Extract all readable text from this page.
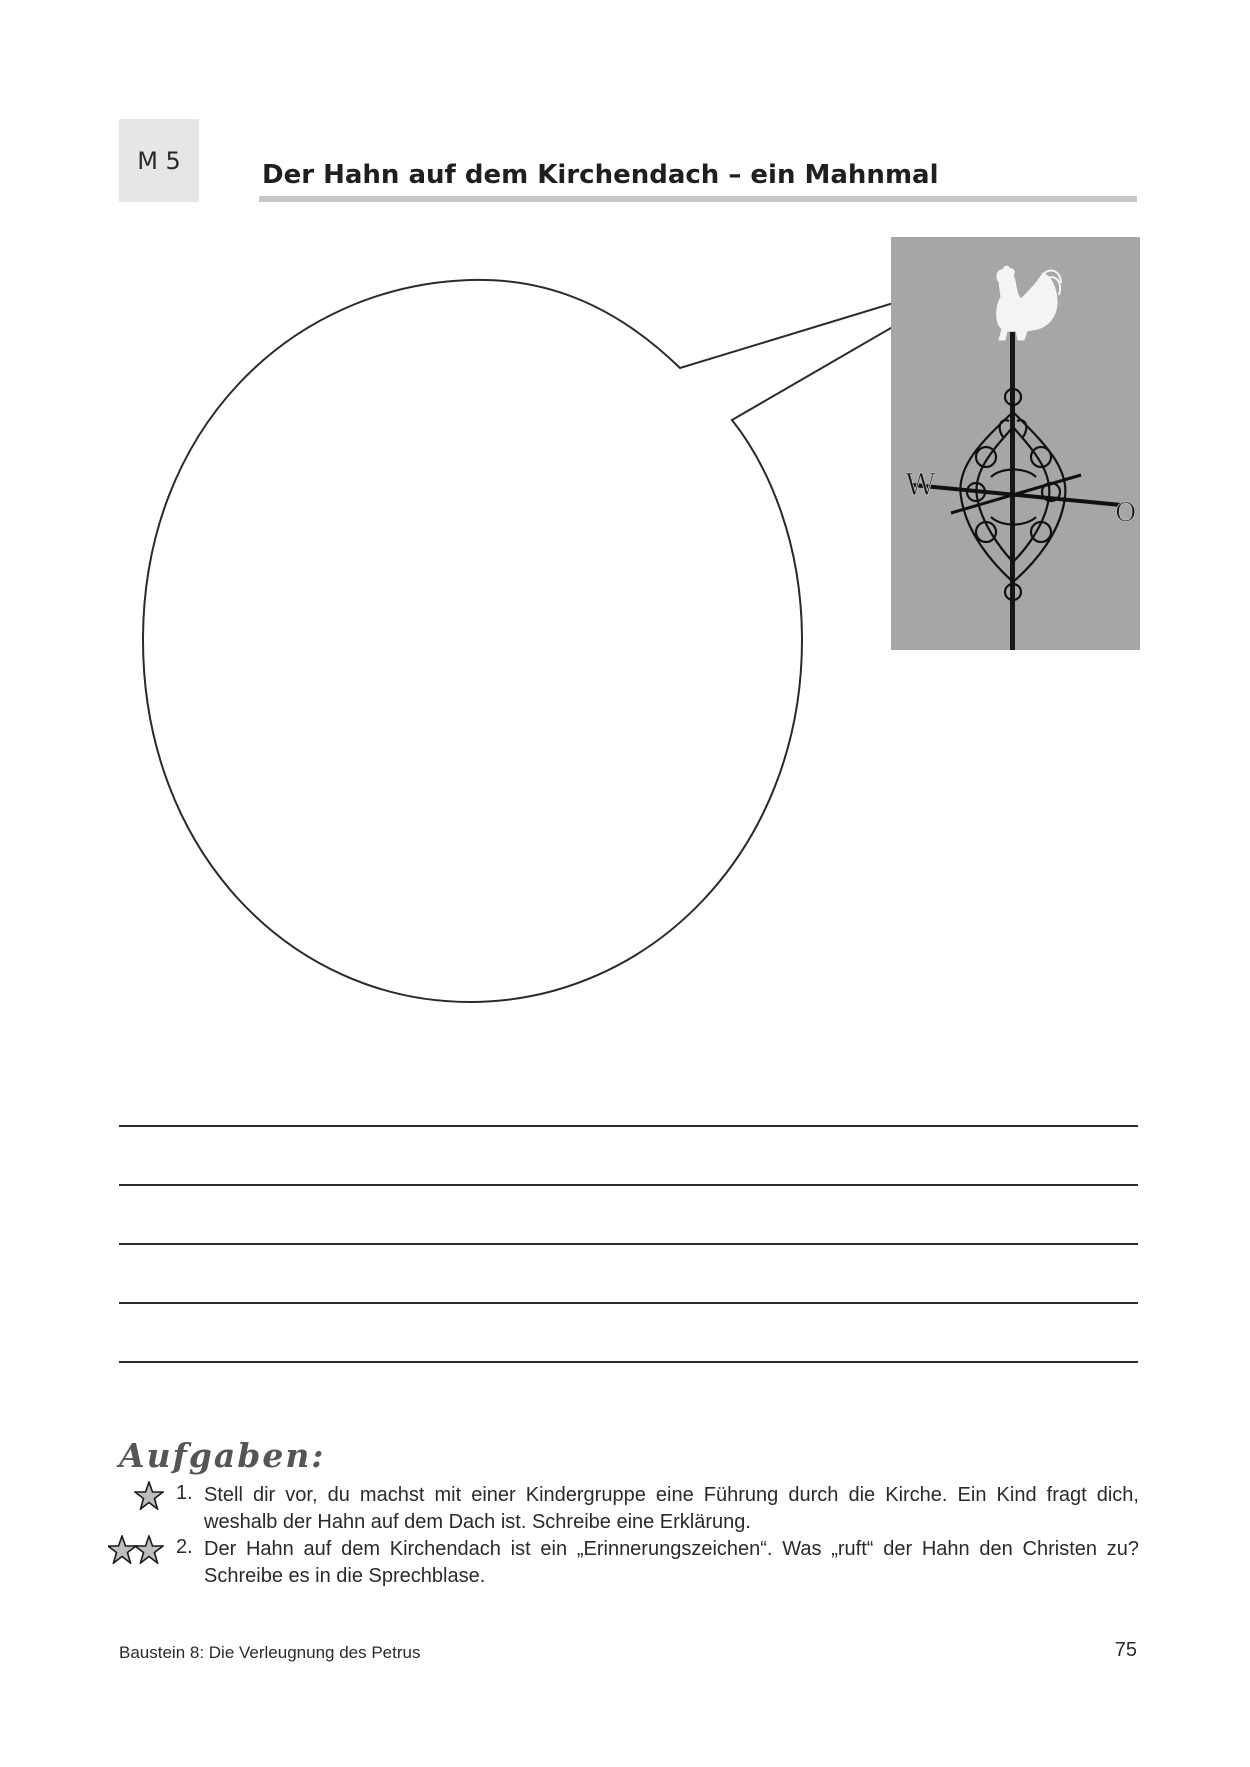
M 5	Der Hahn auf dem Kirchendach – ein Mahnmal
W
O
Aufgaben:
1. Stell dir vor, du machst mit einer Kindergruppe eine Führung durch die Kirche. Ein Kind fragt dich, weshalb der Hahn auf dem Dach ist. Schreibe eine Erklärung.

2. Der Hahn auf dem Kirchendach ist ein „Erinnerungszeichen“. Was „ruft“ der Hahn den Christen zu? Schreibe es in die Sprechblase.

Baustein 8: Die Verleugnung des Petrus	75
